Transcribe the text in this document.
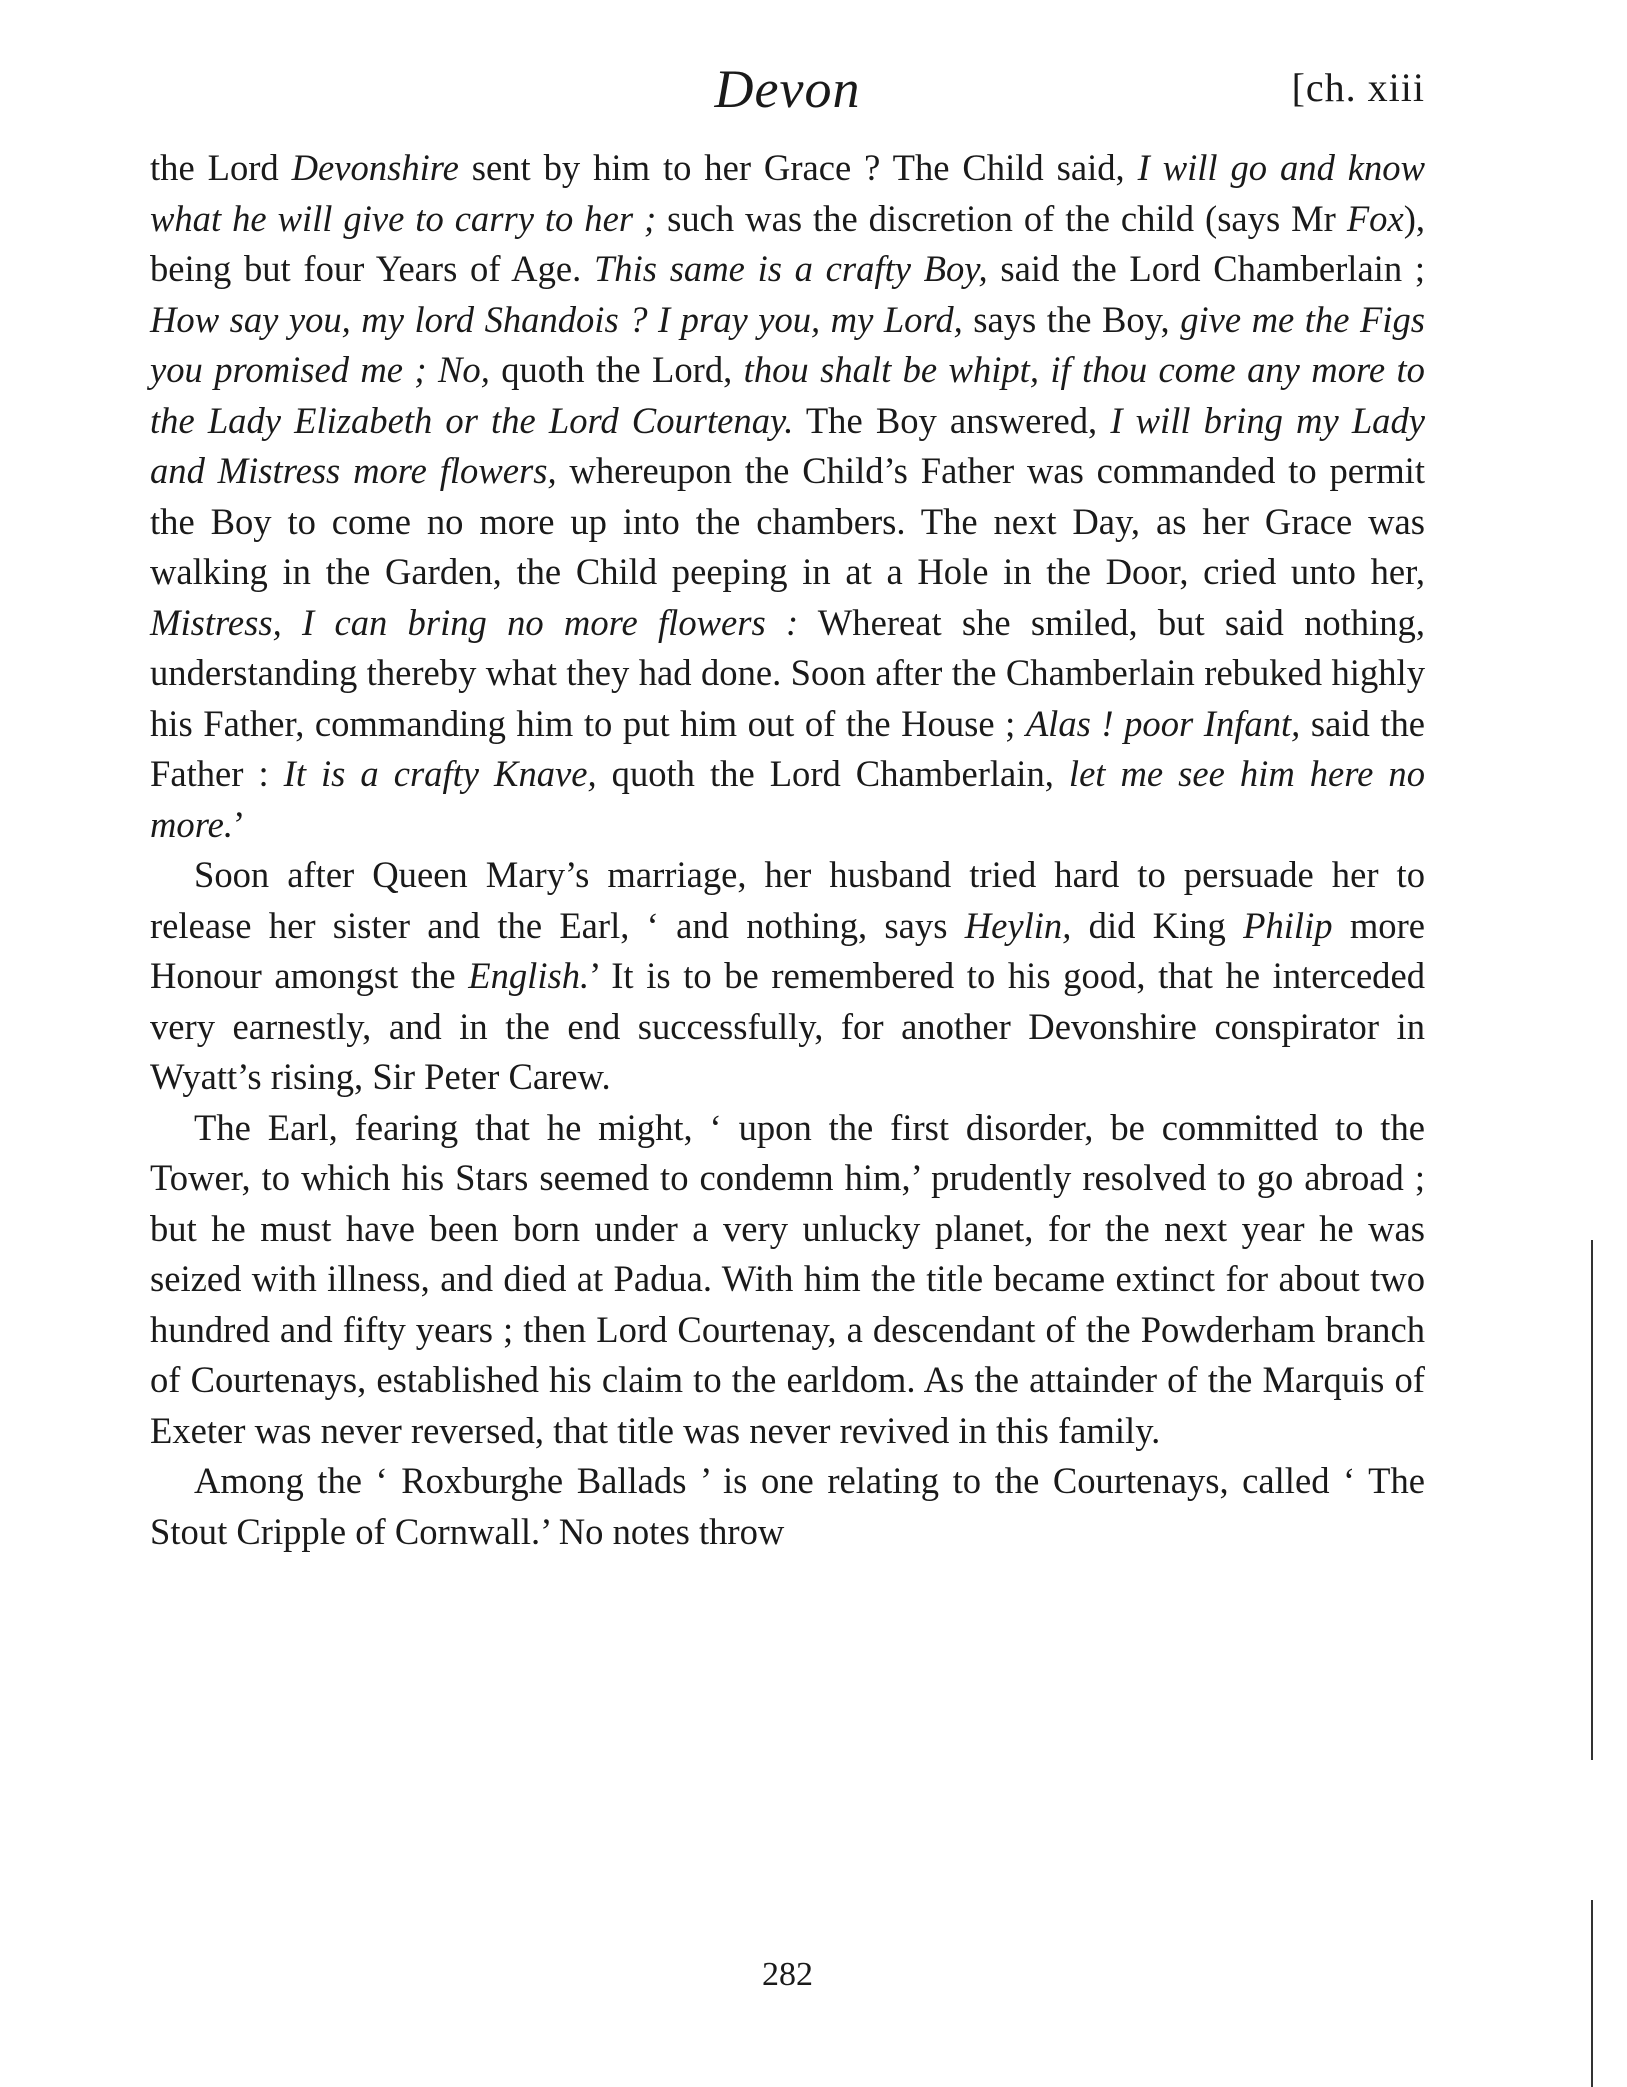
Devon	[ch. xiii

the Lord Devonshire sent by him to her Grace ? The Child said, I will go and know what he will give to carry to her ; such was the discretion of the child (says Mr Fox), being but four Years of Age. This same is a crafty Boy, said the Lord Chamberlain ; How say you, my lord Shandois ? I pray you, my Lord, says the Boy, give me the Figs you promised me ; No, quoth the Lord, thou shalt be whipt, if thou come any more to the Lady Elizabeth or the Lord Courtenay. The Boy answered, I will bring my Lady and Mistress more flowers, whereupon the Child’s Father was commanded to permit the Boy to come no more up into the chambers. The next Day, as her Grace was walking in the Garden, the Child peeping in at a Hole in the Door, cried unto her, Mistress, I can bring no more flowers : Whereat she smiled, but said nothing, understanding thereby what they had done. Soon after the Chamberlain rebuked highly his Father, commanding him to put him out of the House ; Alas ! poor Infant, said the Father : It is a crafty Knave, quoth the Lord Chamberlain, let me see him here no more.’

Soon after Queen Mary’s marriage, her husband tried hard to persuade her to release her sister and the Earl, ‘ and nothing, says Heylin, did King Philip more Honour amongst the English.’ It is to be remembered to his good, that he interceded very earnestly, and in the end successfully, for another Devonshire conspirator in Wyatt’s rising, Sir Peter Carew.

The Earl, fearing that he might, ‘ upon the first disorder, be committed to the Tower, to which his Stars seemed to condemn him,’ prudently resolved to go abroad ; but he must have been born under a very unlucky planet, for the next year he was seized with illness, and died at Padua. With him the title became extinct for about two hundred and fifty years ; then Lord Courtenay, a descendant of the Powderham branch of Courtenays, established his claim to the earldom. As the attainder of the Marquis of Exeter was never reversed, that title was never revived in this family.

Among the ‘ Roxburghe Ballads ’ is one relating to the Courtenays, called ‘ The Stout Cripple of Cornwall.’ No notes throw

282
